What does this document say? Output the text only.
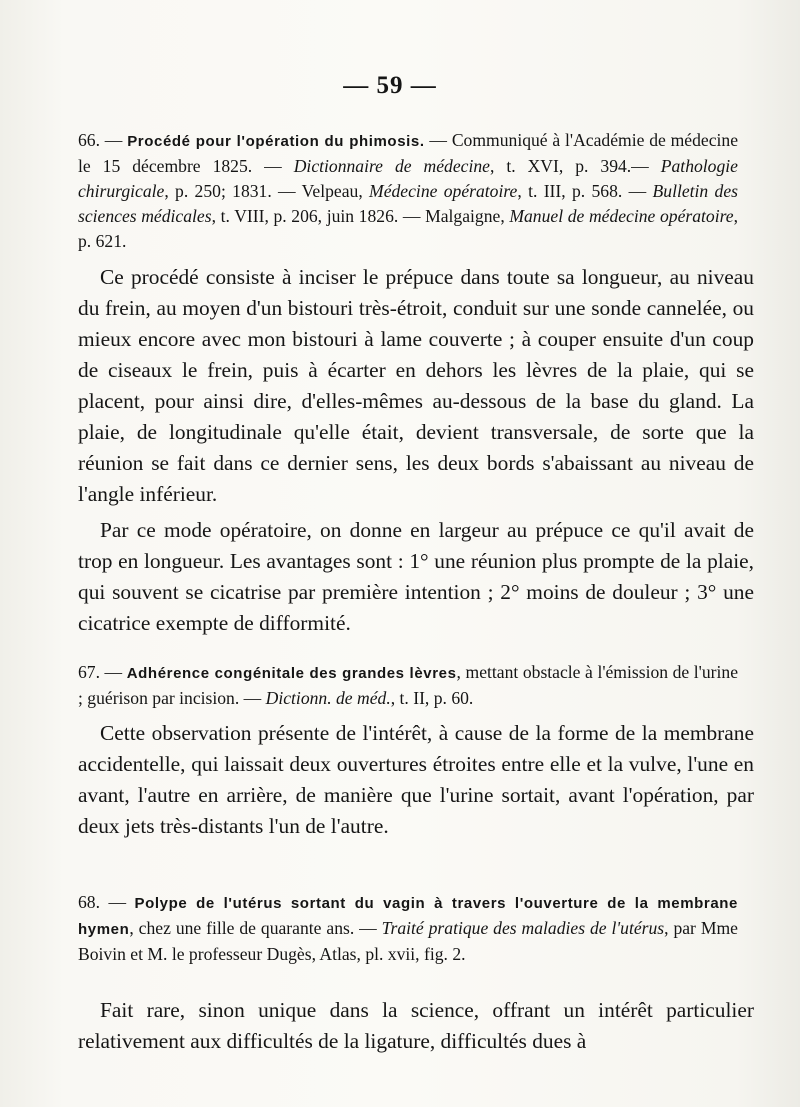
— 59 —
66. — Procédé pour l'opération du phimosis. — Communiqué à l'Académie de médecine le 15 décembre 1825. — Dictionnaire de médecine, t. XVI, p. 394.— Pathologie chirurgicale, p. 250; 1831. — Velpeau, Médecine opératoire, t. III, p. 568. — Bulletin des sciences médicales, t. VIII, p. 206, juin 1826. — Malgaigne, Manuel de médecine opératoire, p. 621.

Ce procédé consiste à inciser le prépuce dans toute sa longueur, au niveau du frein, au moyen d'un bistouri très-étroit, conduit sur une sonde cannelée, ou mieux encore avec mon bistouri à lame couverte ; à couper ensuite d'un coup de ciseaux le frein, puis à écarter en dehors les lèvres de la plaie, qui se placent, pour ainsi dire, d'elles-mêmes au-dessous de la base du gland. La plaie, de longitudinale qu'elle était, devient transversale, de sorte que la réunion se fait dans ce dernier sens, les deux bords s'abaissant au niveau de l'angle inférieur.

Par ce mode opératoire, on donne en largeur au prépuce ce qu'il avait de trop en longueur. Les avantages sont : 1° une réunion plus prompte de la plaie, qui souvent se cicatrise par première intention ; 2° moins de douleur ; 3° une cicatrice exempte de difformité.

67. — Adhérence congénitale des grandes lèvres, mettant obstacle à l'émission de l'urine ; guérison par incision. — Dictionn. de méd., t. II, p. 60.

Cette observation présente de l'intérêt, à cause de la forme de la membrane accidentelle, qui laissait deux ouvertures étroites entre elle et la vulve, l'une en avant, l'autre en arrière, de manière que l'urine sortait, avant l'opération, par deux jets très-distants l'un de l'autre.

68. — Polype de l'utérus sortant du vagin à travers l'ouverture de la membrane hymen, chez une fille de quarante ans. — Traité pratique des maladies de l'utérus, par Mme Boivin et M. le professeur Dugès, Atlas, pl. xvii, fig. 2.

Fait rare, sinon unique dans la science, offrant un intérêt particulier relativement aux difficultés de la ligature, difficultés dues à
